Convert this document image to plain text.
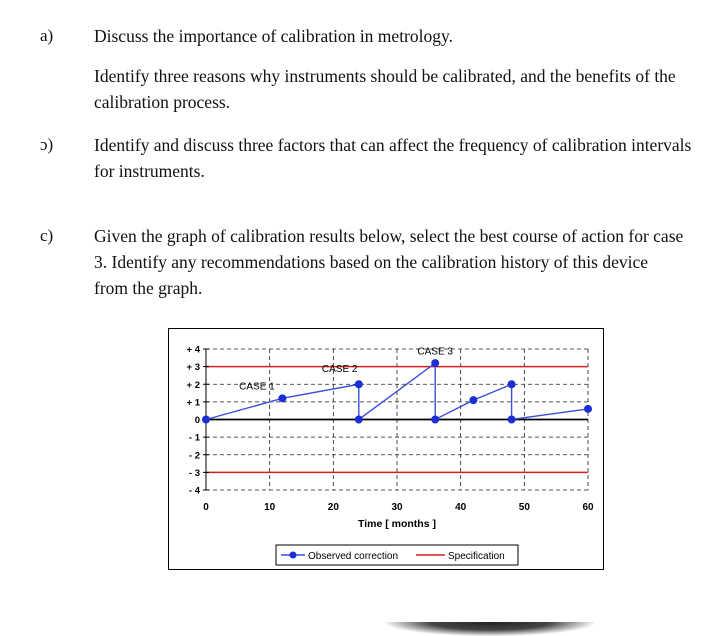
a) Discuss the importance of calibration in metrology.
Identify three reasons why instruments should be calibrated, and the benefits of the calibration process.
ɔ) Identify and discuss three factors that can affect the frequency of calibration intervals for instruments.
c) Given the graph of calibration results below, select the best course of action for case 3. Identify any recommendations based on the calibration history of this device from the graph.
+ 4
+ 3
+ 2
+ 1
0
- 1
- 2
- 3
- 4
0	10	20	30	40	50	60
Time [ months ]
CASE 1
CASE 2
CASE 3
Observed correction	Specification
